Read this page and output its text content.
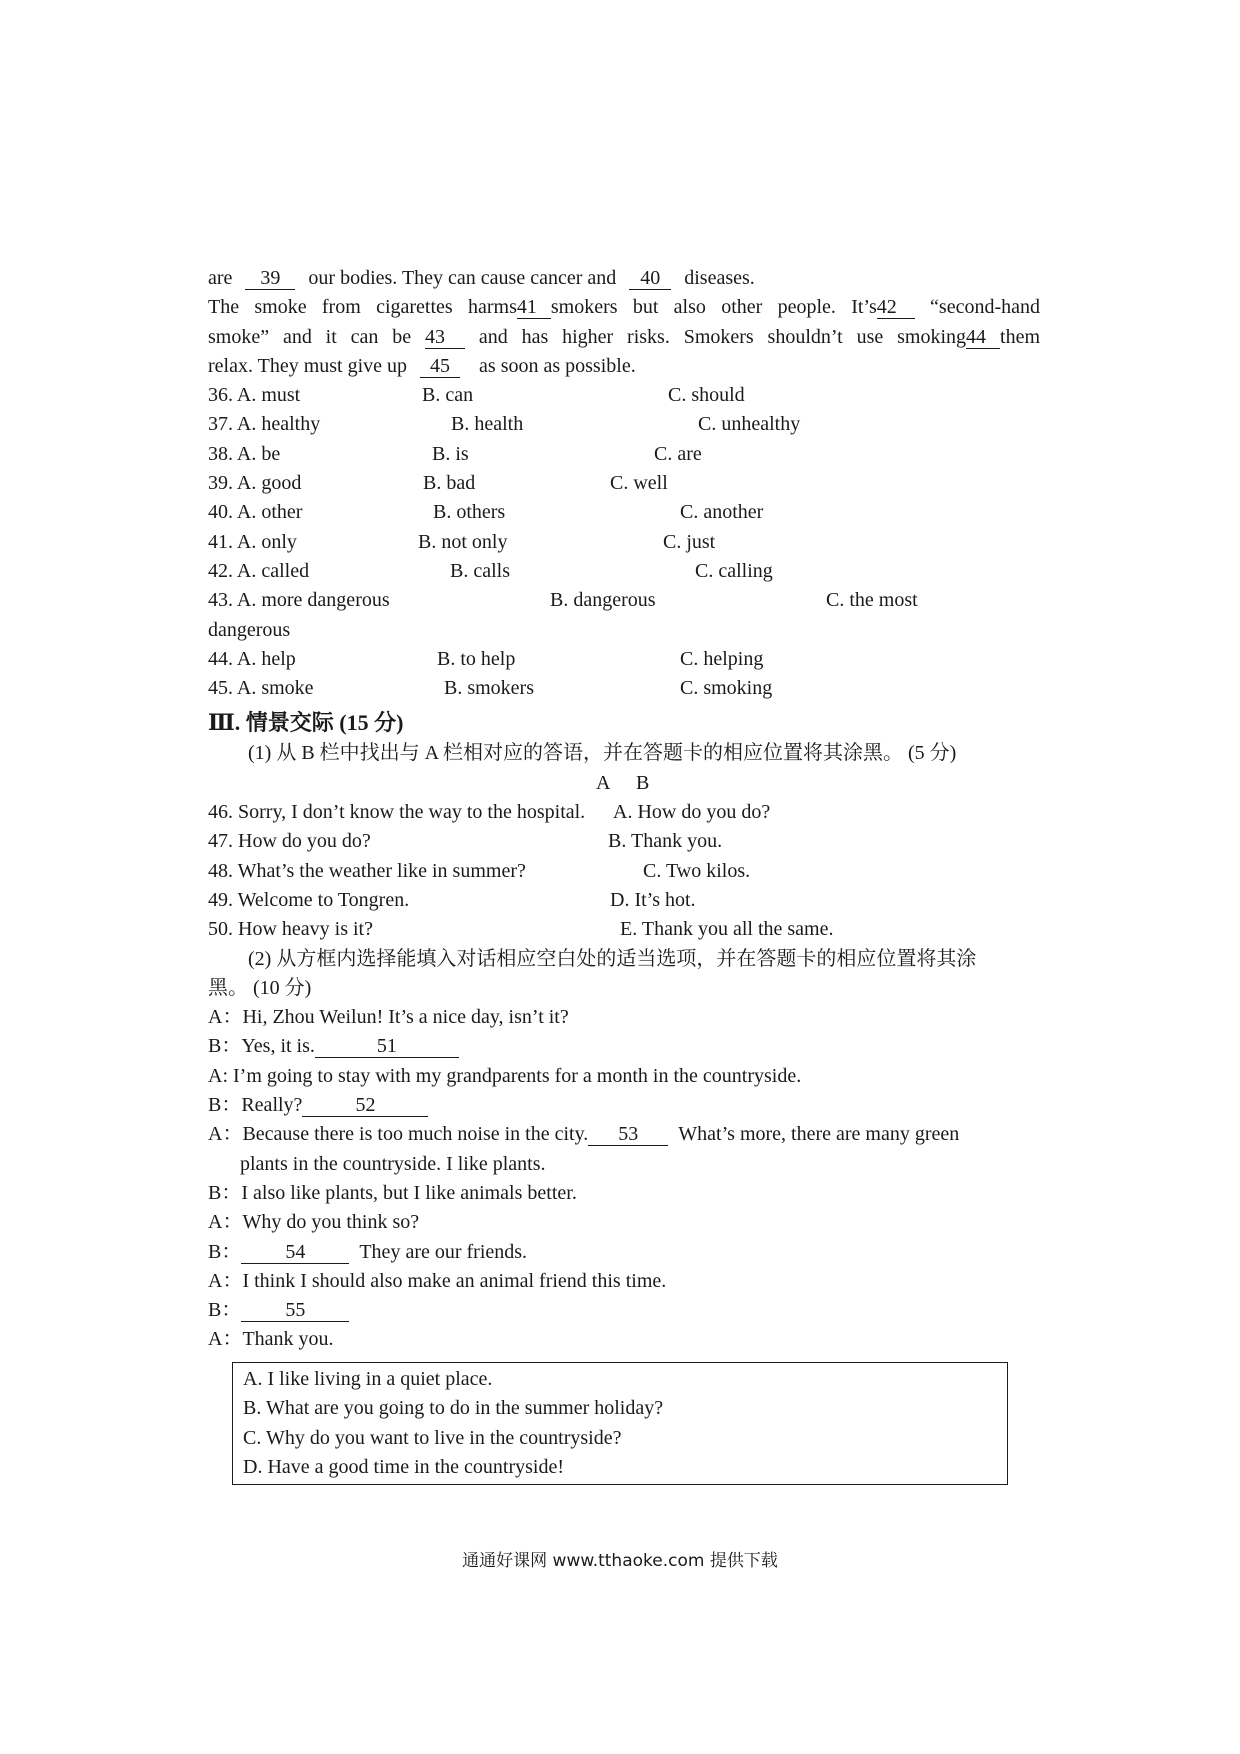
are 39 our bodies. They can cause cancer and 40 diseases.
The smoke from cigarettes harms41 smokers but also other people. It’s42 “second-hand
smoke” and it can be 43 and has higher risks. Smokers shouldn’t use smoking44 them
relax. They must give up 45 as soon as possible.
36. A. must	B. can	C. should
37. A. healthy	B. health	C. unhealthy
38. A. be	B. is	C. are
39. A. good	B. bad	C. well
40. A. other	B. others	C. another
41. A. only	B. not only	C. just
42. A. called	B. calls	C. calling
43. A. more dangerous	B. dangerous	C. the most
dangerous
44. A. help	B. to help	C. helping
45. A. smoke	B. smokers	C. smoking
Ⅲ. 情景交际 (15 分)
(1) 从 B 栏中找出与 A 栏相对应的答语，并在答题卡的相应位置将其涂黑。 (5 分)
A B
46. Sorry, I don’t know the way to the hospital. A. How do you do?
47. How do you do?	B. Thank you.
48. What’s the weather like in summer?	C. Two kilos.
49. Welcome to Tongren.	D. It’s hot.
50. How heavy is it?	E. Thank you all the same.
(2) 从方框内选择能填入对话相应空白处的适当选项，并在答题卡的相应位置将其涂
黑。 (10 分)
A：Hi, Zhou Weilun! It’s a nice day, isn’t it?
B：Yes, it is.	51
A: I’m going to stay with my grandparents for a month in the countryside.
B：Really?	52
A：Because there is too much noise in the city. 53 What’s more, there are many green
plants in the countryside. I like plants.
B：I also like plants, but I like animals better.
A：Why do you think so?
B： 54	They are our friends.
A：I think I should also make an animal friend this time.
B： 55
A：Thank you.
A. I like living in a quiet place.
B. What are you going to do in the summer holiday?
C. Why do you want to live in the countryside?
D. Have a good time in the countryside!
通通好课网 www.tthaoke.com 提供下载
